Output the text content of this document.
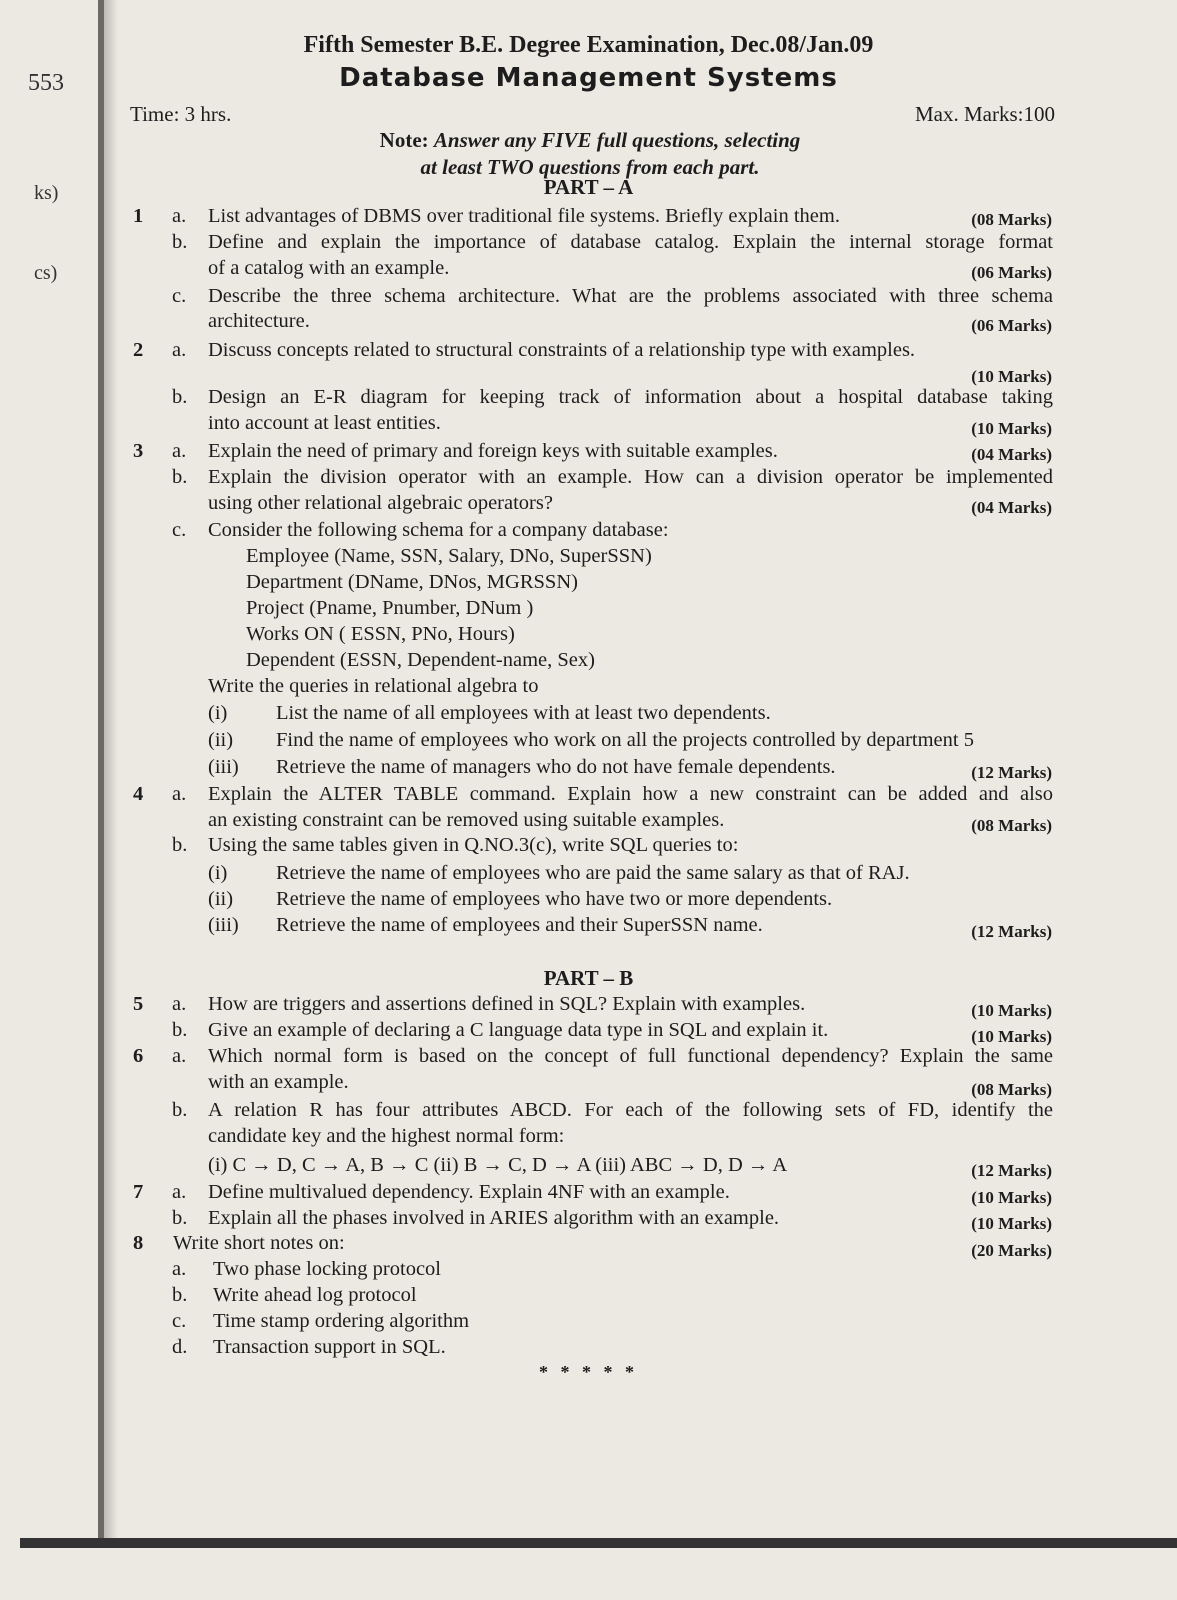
553
ks)
cs)
Fifth Semester B.E. Degree Examination, Dec.08/Jan.09
Database Management Systems
Time: 3 hrs.	Max. Marks:100
Note: Answer any FIVE full questions, selecting
at least TWO questions from each part.
PART – A
1 a. List advantages of DBMS over traditional file systems. Briefly explain them.	(08 Marks)
b. Define and explain the importance of database catalog. Explain the internal storage format
of a catalog with an example.	(06 Marks)
c. Describe the three schema architecture. What are the problems associated with three schema
architecture.	(06 Marks)
2 a. Discuss concepts related to structural constraints of a relationship type with examples.
(10 Marks)
b. Design an E-R diagram for keeping track of information about a hospital database taking
into account at least entities.	(10 Marks)
3 a. Explain the need of primary and foreign keys with suitable examples.	(04 Marks)
b. Explain the division operator with an example. How can a division operator be implemented
using other relational algebraic operators?	(04 Marks)
c. Consider the following schema for a company database:
Employee (Name, SSN, Salary, DNo, SuperSSN)
Department (DName, DNos, MGRSSN)
Project (Pname, Pnumber, DNum )
Works ON ( ESSN, PNo, Hours)
Dependent (ESSN, Dependent-name, Sex)
Write the queries in relational algebra to
(i) List the name of all employees with at least two dependents.
(ii) Find the name of employees who work on all the projects controlled by department 5
(iii) Retrieve the name of managers who do not have female dependents.	(12 Marks)
4 a. Explain the ALTER TABLE command. Explain how a new constraint can be added and also
an existing constraint can be removed using suitable examples.	(08 Marks)
b. Using the same tables given in Q.NO.3(c), write SQL queries to:
(i) Retrieve the name of employees who are paid the same salary as that of RAJ.
(ii) Retrieve the name of employees who have two or more dependents.
(iii) Retrieve the name of employees and their SuperSSN name.	(12 Marks)
PART – B
5 a. How are triggers and assertions defined in SQL? Explain with examples.	(10 Marks)
b. Give an example of declaring a C language data type in SQL and explain it.	(10 Marks)
6 a. Which normal form is based on the concept of full functional dependency? Explain the same
with an example.	(08 Marks)
b. A relation R has four attributes ABCD. For each of the following sets of FD, identify the
candidate key and the highest normal form:
(i) C → D, C → A, B → C (ii) B → C, D → A (iii) ABC → D, D → A	(12 Marks)
7 a. Define multivalued dependency. Explain 4NF with an example.	(10 Marks)
b. Explain all the phases involved in ARIES algorithm with an example.	(10 Marks)
8 Write short notes on:	(20 Marks)
a. Two phase locking protocol
b. Write ahead log protocol
c. Time stamp ordering algorithm
d. Transaction support in SQL.
* * * * *
